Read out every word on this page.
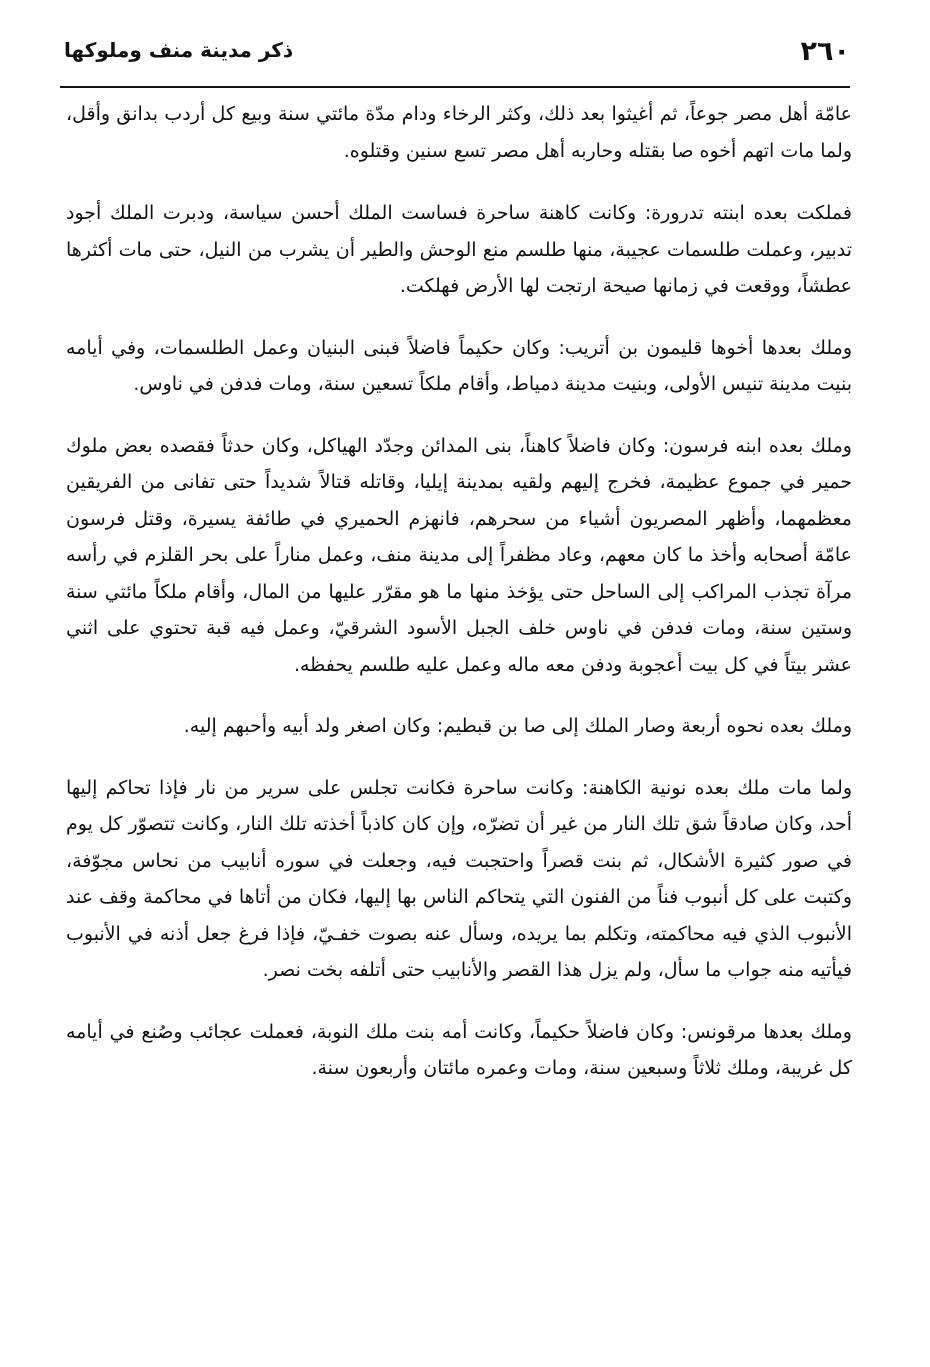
٢٦٠
ذكر مدينة منف وملوكها

عامّة أهل مصر جوعاً، ثم أغيثوا بعد ذلك، وكثر الرخاء ودام مدّة مائتي سنة وبيع كل أردب بدانق وأقل، ولما مات اتهم أخوه صا بقتله وحاربه أهل مصر تسع سنين وقتلوه.

فملكت بعده ابنته تدرورة: وكانت كاهنة ساحرة فساست الملك أحسن سياسة، ودبرت الملك أجود تدبير، وعملت طلسمات عجيبة، منها طلسم منع الوحش والطير أن يشرب من النيل، حتى مات أكثرها عطشاً، ووقعت في زمانها صيحة ارتجت لها الأرض فهلكت.

وملك بعدها أخوها قليمون بن أتريب: وكان حكيماً فاضلاً فبنى البنيان وعمل الطلسمات، وفي أيامه بنيت مدينة تنيس الأولى، وبنيت مدينة دمياط، وأقام ملكاً تسعين سنة، ومات فدفن في ناوس.

وملك بعده ابنه فرسون: وكان فاضلاً كاهناً، بنى المدائن وجدّد الهياكل، وكان حدثاً فقصده بعض ملوك حمير في جموع عظيمة، فخرج إليهم ولقيه بمدينة إيليا، وقاتله قتالاً شديداً حتى تفانى من الفريقين معظمهما، وأظهر المصريون أشياء من سحرهم، فانهزم الحميري في طائفة يسيرة، وقتل فرسون عامّة أصحابه وأخذ ما كان معهم، وعاد مظفراً إلى مدينة منف، وعمل مناراً على بحر القلزم في رأسه مرآة تجذب المراكب إلى الساحل حتى يؤخذ منها ما هو مقرّر عليها من المال، وأقام ملكاً مائتي سنة وستين سنة، ومات فدفن في ناوس خلف الجبل الأسود الشرقيّ، وعمل فيه قبة تحتوي على اثني عشر بيتاً في كل بيت أعجوبة ودفن معه ماله وعمل عليه طلسم يحفظه.

وملك بعده نحوه أربعة وصار الملك إلى صا بن قبطيم: وكان اصغر ولد أبيه وأحبهم إليه.

ولما مات ملك بعده نونية الكاهنة: وكانت ساحرة فكانت تجلس على سرير من نار فإذا تحاكم إليها أحد، وكان صادقاً شق تلك النار من غير أن تضرّه، وإن كان كاذباً أخذته تلك النار، وكانت تتصوّر كل يوم في صور كثيرة الأشكال، ثم بنت قصراً واحتجبت فيه، وجعلت في سوره أنابيب من نحاس مجوّفة، وكتبت على كل أنبوب فناً من الفنون التي يتحاكم الناس بها إليها، فكان من أتاها في محاكمة وقف عند الأنبوب الذي فيه محاكمته، وتكلم بما يريده، وسأل عنه بصوت خفـيّ، فإذا فرغ جعل أذنه في الأنبوب فيأتيه منه جواب ما سأل، ولم يزل هذا القصر والأنابيب حتى أتلفه بخت نصر.

وملك بعدها مرقونس: وكان فاضلاً حكيماً، وكانت أمه بنت ملك النوبة، فعملت عجائب وصُنع في أيامه كل غريبة، وملك ثلاثاً وسبعين سنة، ومات وعمره مائتان وأربعون سنة.
